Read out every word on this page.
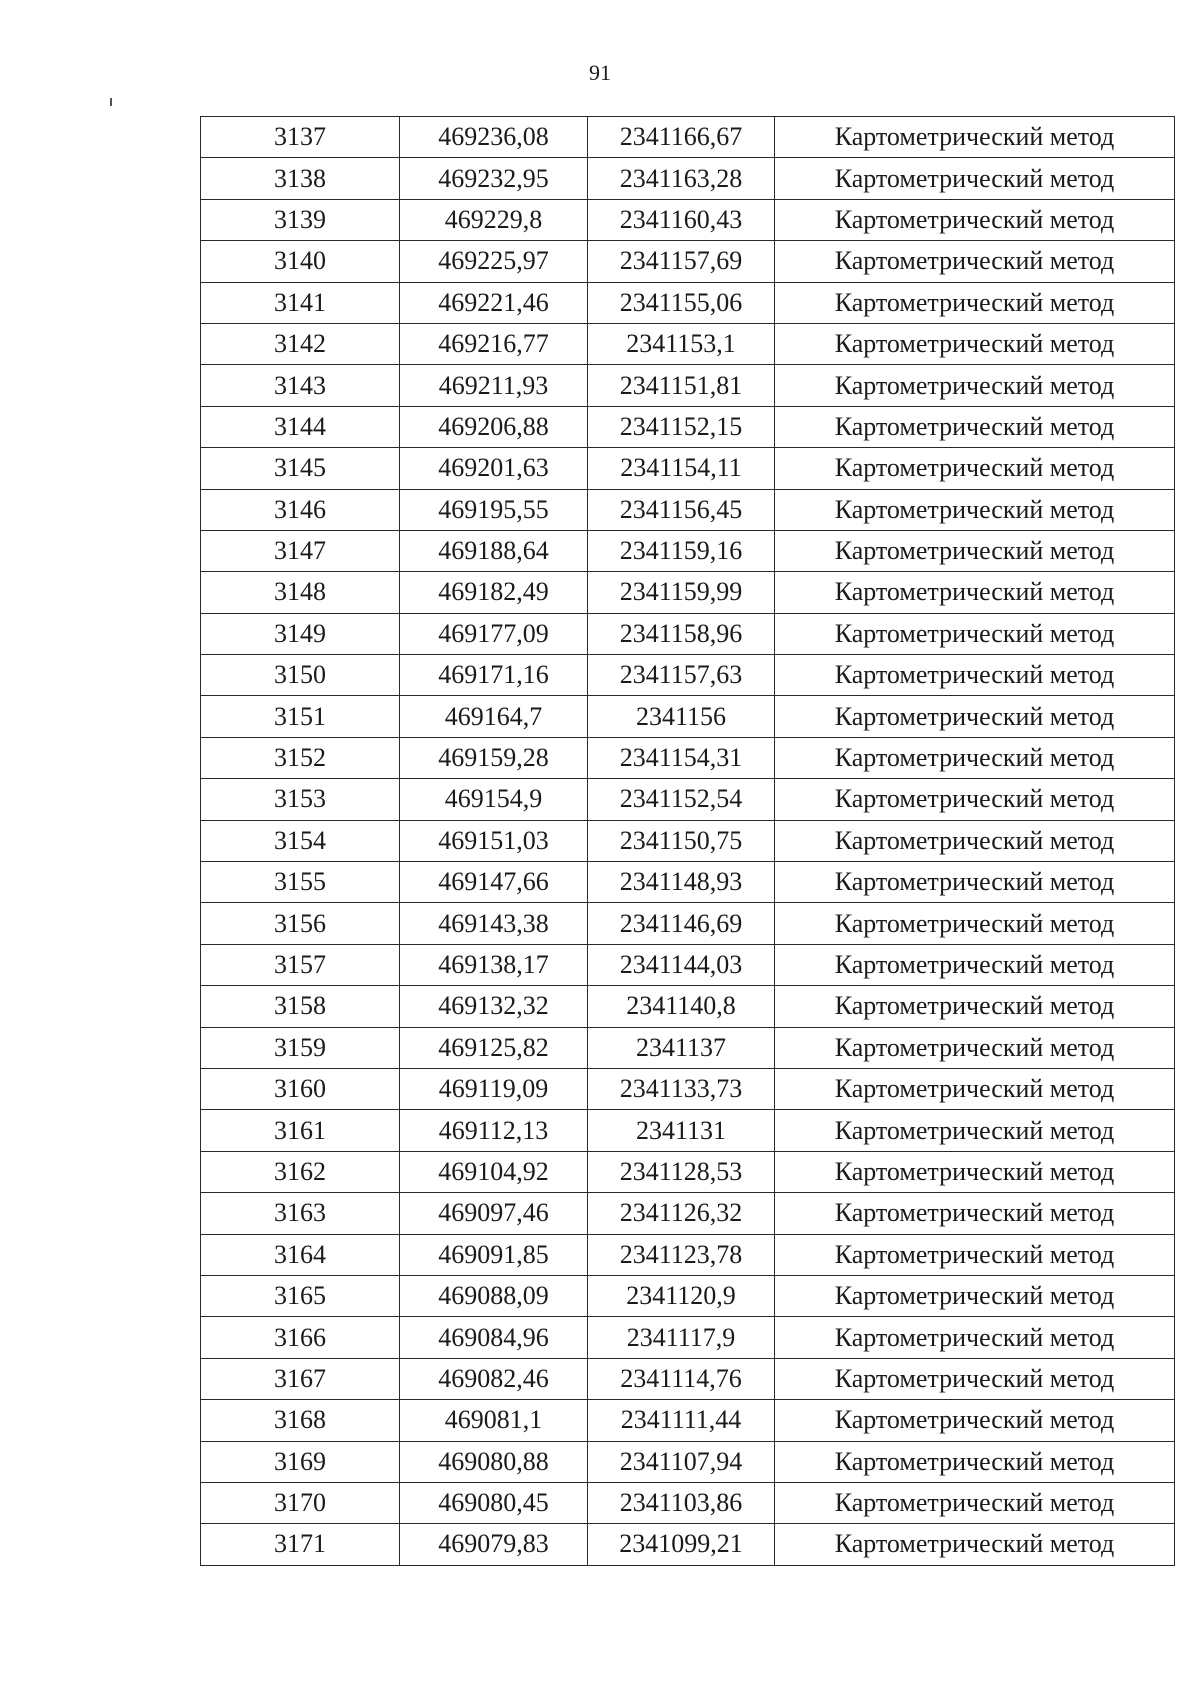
91
3137	469236,08	2341166,67	Картометрический метод
3138	469232,95	2341163,28	Картометрический метод
3139	469229,8	2341160,43	Картометрический метод
3140	469225,97	2341157,69	Картометрический метод
3141	469221,46	2341155,06	Картометрический метод
3142	469216,77	2341153,1	Картометрический метод
3143	469211,93	2341151,81	Картометрический метод
3144	469206,88	2341152,15	Картометрический метод
3145	469201,63	2341154,11	Картометрический метод
3146	469195,55	2341156,45	Картометрический метод
3147	469188,64	2341159,16	Картометрический метод
3148	469182,49	2341159,99	Картометрический метод
3149	469177,09	2341158,96	Картометрический метод
3150	469171,16	2341157,63	Картометрический метод
3151	469164,7	2341156	Картометрический метод
3152	469159,28	2341154,31	Картометрический метод
3153	469154,9	2341152,54	Картометрический метод
3154	469151,03	2341150,75	Картометрический метод
3155	469147,66	2341148,93	Картометрический метод
3156	469143,38	2341146,69	Картометрический метод
3157	469138,17	2341144,03	Картометрический метод
3158	469132,32	2341140,8	Картометрический метод
3159	469125,82	2341137	Картометрический метод
3160	469119,09	2341133,73	Картометрический метод
3161	469112,13	2341131	Картометрический метод
3162	469104,92	2341128,53	Картометрический метод
3163	469097,46	2341126,32	Картометрический метод
3164	469091,85	2341123,78	Картометрический метод
3165	469088,09	2341120,9	Картометрический метод
3166	469084,96	2341117,9	Картометрический метод
3167	469082,46	2341114,76	Картометрический метод
3168	469081,1	2341111,44	Картометрический метод
3169	469080,88	2341107,94	Картометрический метод
3170	469080,45	2341103,86	Картометрический метод
3171	469079,83	2341099,21	Картометрический метод
